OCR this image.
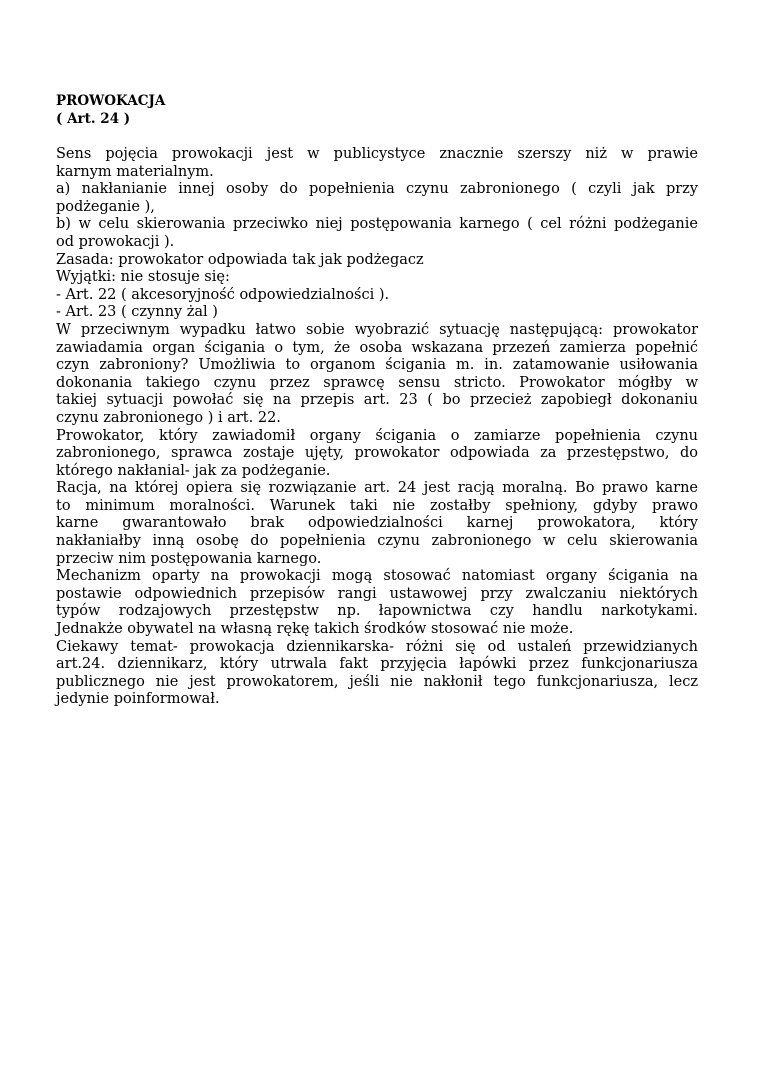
PROWOKACJA

( Art. 24 )

Sens pojęcia prowokacji jest w publicystyce znacznie szerszy niż w prawie

karnym materialnym.

a) nakłanianie innej osoby do popełnienia czynu zabronionego ( czyli jak przy

podżeganie ),

b) w celu skierowania przeciwko niej postępowania karnego ( cel różni podżeganie

od prowokacji ).

Zasada: prowokator odpowiada tak jak podżegacz

Wyjątki: nie stosuje się:

- Art. 22 ( akcesoryjność odpowiedzialności ).

- Art. 23 ( czynny żal )

W przeciwnym wypadku łatwo sobie wyobrazić sytuację następującą: prowokator

zawiadamia organ ścigania o tym, że osoba wskazana przezeń zamierza popełnić

czyn zabroniony? Umożliwia to organom ścigania m. in. zatamowanie usiłowania

dokonania takiego czynu przez sprawcę sensu stricto. Prowokator mógłby w

takiej sytuacji powołać się na przepis art. 23 ( bo przecież zapobiegł dokonaniu

czynu zabronionego ) i art. 22.

Prowokator, który zawiadomił organy ścigania o zamiarze popełnienia czynu

zabronionego, sprawca zostaje ujęty, prowokator odpowiada za przestępstwo, do

którego nakłanial- jak za podżeganie.

Racja, na której opiera się rozwiązanie art. 24 jest racją moralną. Bo prawo karne

to minimum moralności. Warunek taki nie zostałby spełniony, gdyby prawo

karne gwarantowało brak odpowiedzialności karnej prowokatora, który

nakłaniałby inną osobę do popełnienia czynu zabronionego w celu skierowania

przeciw nim postępowania karnego.

Mechanizm oparty na prowokacji mogą stosować natomiast organy ścigania na

postawie odpowiednich przepisów rangi ustawowej przy zwalczaniu niektórych

typów rodzajowych przestępstw np. łapownictwa czy handlu narkotykami.

Jednakże obywatel na własną rękę takich środków stosować nie może.

Ciekawy temat- prowokacja dziennikarska- różni się od ustaleń przewidzianych

art.24. dziennikarz, który utrwala fakt przyjęcia łapówki przez funkcjonariusza

publicznego nie jest prowokatorem, jeśli nie nakłonił tego funkcjonariusza, lecz

jedynie poinformował.
